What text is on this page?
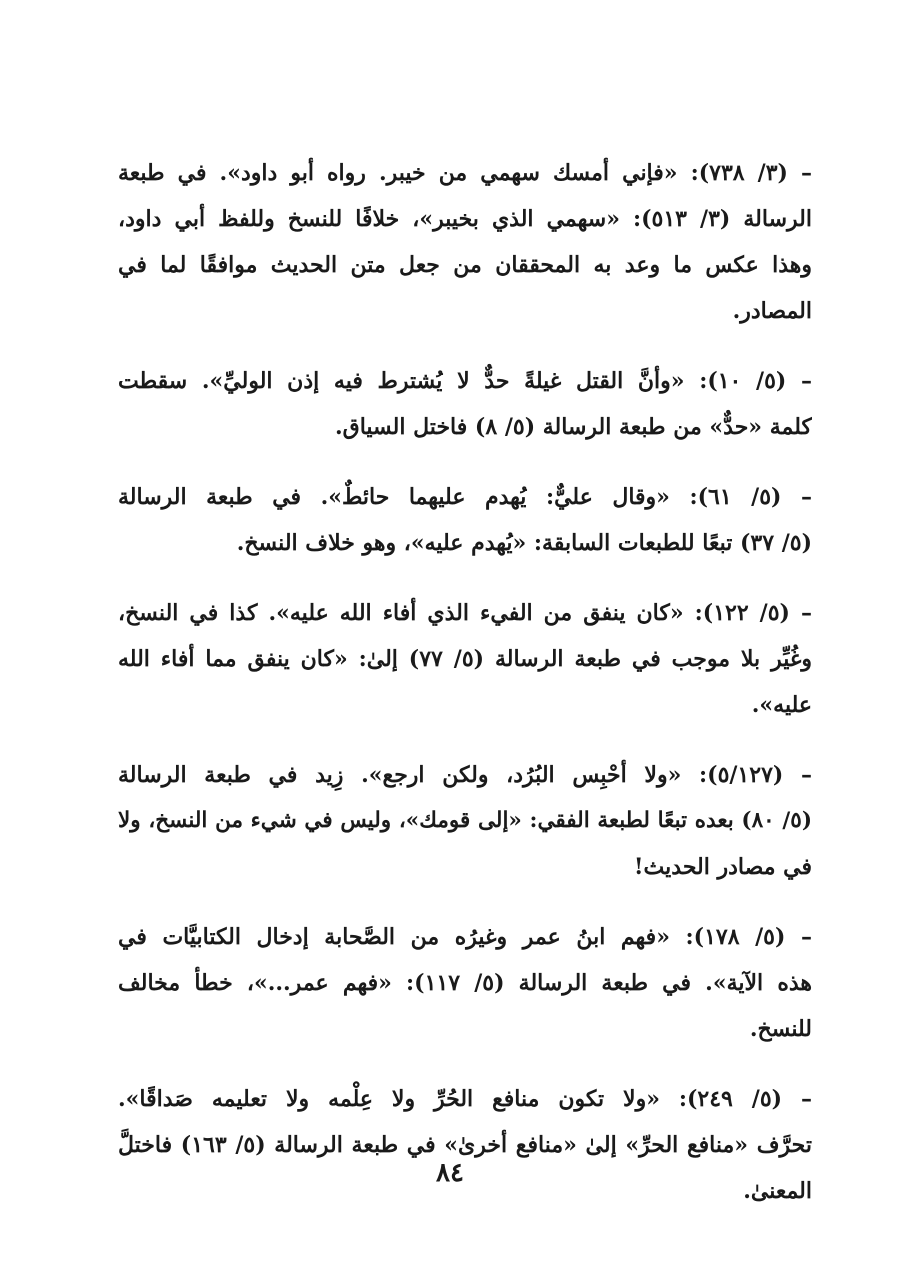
– (٣/ ٧٣٨): «فإني أمسك سهمي من خيبر. رواه أبو داود». في طبعة
الرسالة (٣/ ٥١٣): «سهمي الذي بخيبر»، خلافًا للنسخ وللفظ أبي داود،
وهذا عكس ما وعد به المحققان من جعل متن الحديث موافقًا لما في
المصادر.
– (٥/ ١٠): «وأنَّ القتل غيلةً حدٌّ لا يُشترط فيه إذن الوليِّ». سقطت
كلمة «حدٌّ» من طبعة الرسالة (٥/ ٨) فاختل السياق.
– (٥/ ٦١): «وقال عليٌّ: يُهدم عليهما حائطٌ». في طبعة الرسالة
(٥/ ٣٧) تبعًا للطبعات السابقة: «يُهدم عليه»، وهو خلاف النسخ.
– (٥/ ١٢٢): «كان ينفق من الفيء الذي أفاء الله عليه». كذا في النسخ،
وغُيِّر بلا موجب في طبعة الرسالة (٥/ ٧٧) إلىٰ: «كان ينفق مما أفاء الله
عليه».
– (٥/١٢٧): «ولا أحْبِس البُرُد، ولكن ارجع». زِيد في طبعة الرسالة
(٥/ ٨٠) بعده تبعًا لطبعة الفقي: «إلى قومك»، وليس في شيء من النسخ، ولا
في مصادر الحديث!
– (٥/ ١٧٨): «فهم ابنُ عمر وغيرُه من الصَّحابة إدخال الكتابيَّات في
هذه الآية». في طبعة الرسالة (٥/ ١١٧): «فهم عمر...»، خطأ مخالف
للنسخ.
– (٥/ ٢٤٩): «ولا تكون منافع الحُرِّ ولا عِلْمه ولا تعليمه صَداقًا».
تحرَّف «منافع الحرِّ» إلىٰ «منافع أخرىٰ» في طبعة الرسالة (٥/ ١٦٣) فاختلَّ
المعنىٰ.
٨٤
